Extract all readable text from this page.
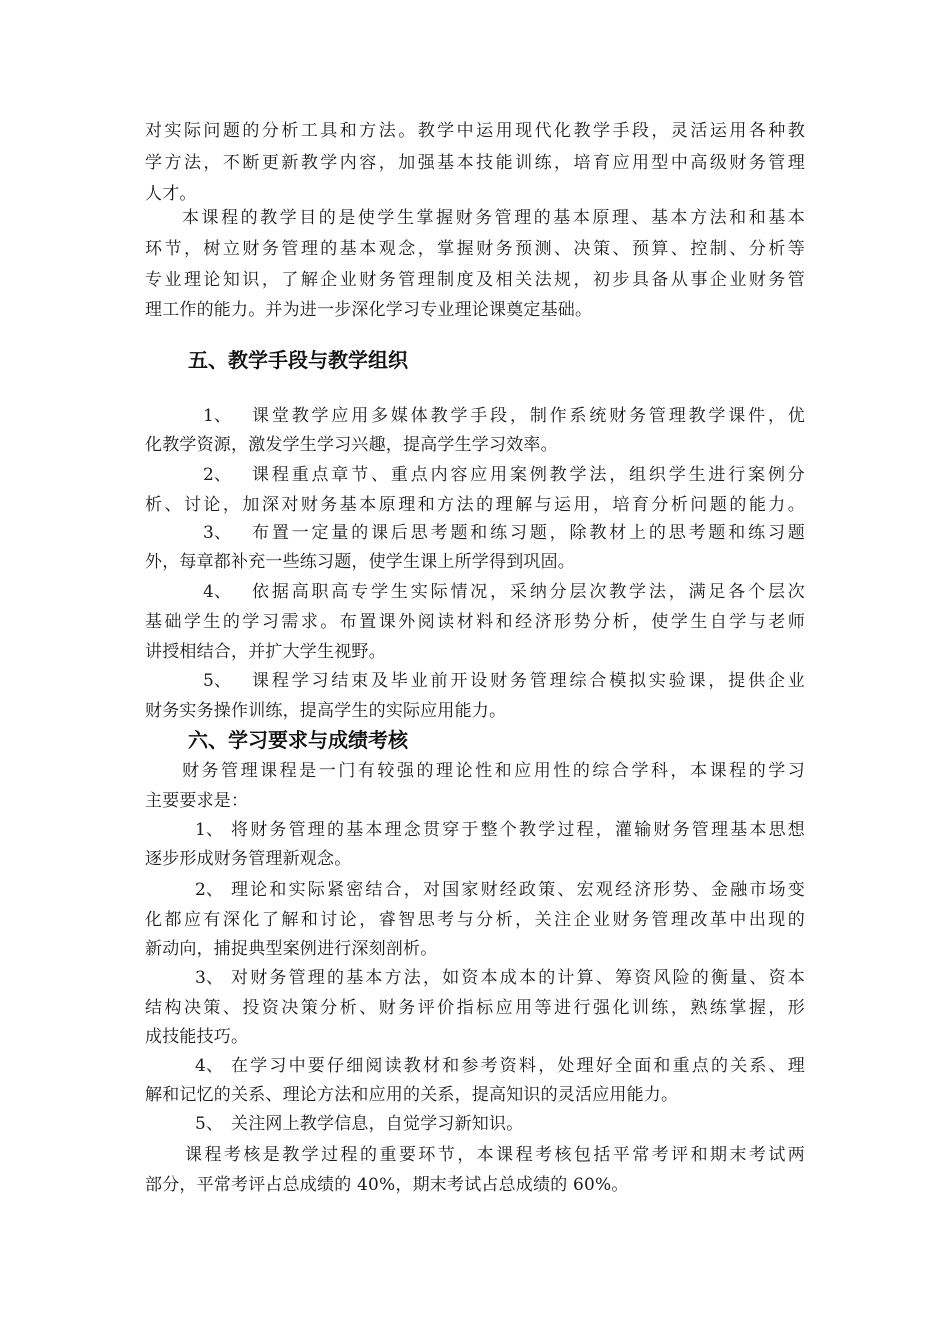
对实际问题的分析工具和方法。教学中运用现代化教学手段，灵活运用各种教
学方法，不断更新教学内容，加强基本技能训练，培育应用型中高级财务管理
人才。
本课程的教学目的是使学生掌握财务管理的基本原理、基本方法和和基本
环节，树立财务管理的基本观念，掌握财务预测、决策、预算、控制、分析等
专业理论知识，了解企业财务管理制度及相关法规，初步具备从事企业财务管
理工作的能力。并为进一步深化学习专业理论课奠定基础。
五、教学手段与教学组织
1、 课堂教学应用多媒体教学手段，制作系统财务管理教学课件，优
化教学资源，激发学生学习兴趣，提高学生学习效率。
2、 课程重点章节、重点内容应用案例教学法，组织学生进行案例分
析、讨论，加深对财务基本原理和方法的理解与运用，培育分析问题的能力。
3、 布置一定量的课后思考题和练习题，除教材上的思考题和练习题
外，每章都补充一些练习题，使学生课上所学得到巩固。
4、 依据高职高专学生实际情况，采纳分层次教学法，满足各个层次
基础学生的学习需求。布置课外阅读材料和经济形势分析，使学生自学与老师
讲授相结合，并扩大学生视野。
5、 课程学习结束及毕业前开设财务管理综合模拟实验课，提供企业
财务实务操作训练，提高学生的实际应用能力。
六、学习要求与成绩考核
财务管理课程是一门有较强的理论性和应用性的综合学科，本课程的学习
主要要求是：
1、 将财务管理的基本理念贯穿于整个教学过程，灌输财务管理基本思想
逐步形成财务管理新观念。
2、 理论和实际紧密结合，对国家财经政策、宏观经济形势、金融市场变
化都应有深化了解和讨论，睿智思考与分析，关注企业财务管理改革中出现的
新动向，捕捉典型案例进行深刻剖析。
3、 对财务管理的基本方法，如资本成本的计算、筹资风险的衡量、资本
结构决策、投资决策分析、财务评价指标应用等进行强化训练，熟练掌握，形
成技能技巧。
4、 在学习中要仔细阅读教材和参考资料，处理好全面和重点的关系、理
解和记忆的关系、理论方法和应用的关系，提高知识的灵活应用能力。
5、 关注网上教学信息，自觉学习新知识。
课程考核是教学过程的重要环节，本课程考核包括平常考评和期末考试两
部分，平常考评占总成绩的 40%，期末考试占总成绩的 60%。
